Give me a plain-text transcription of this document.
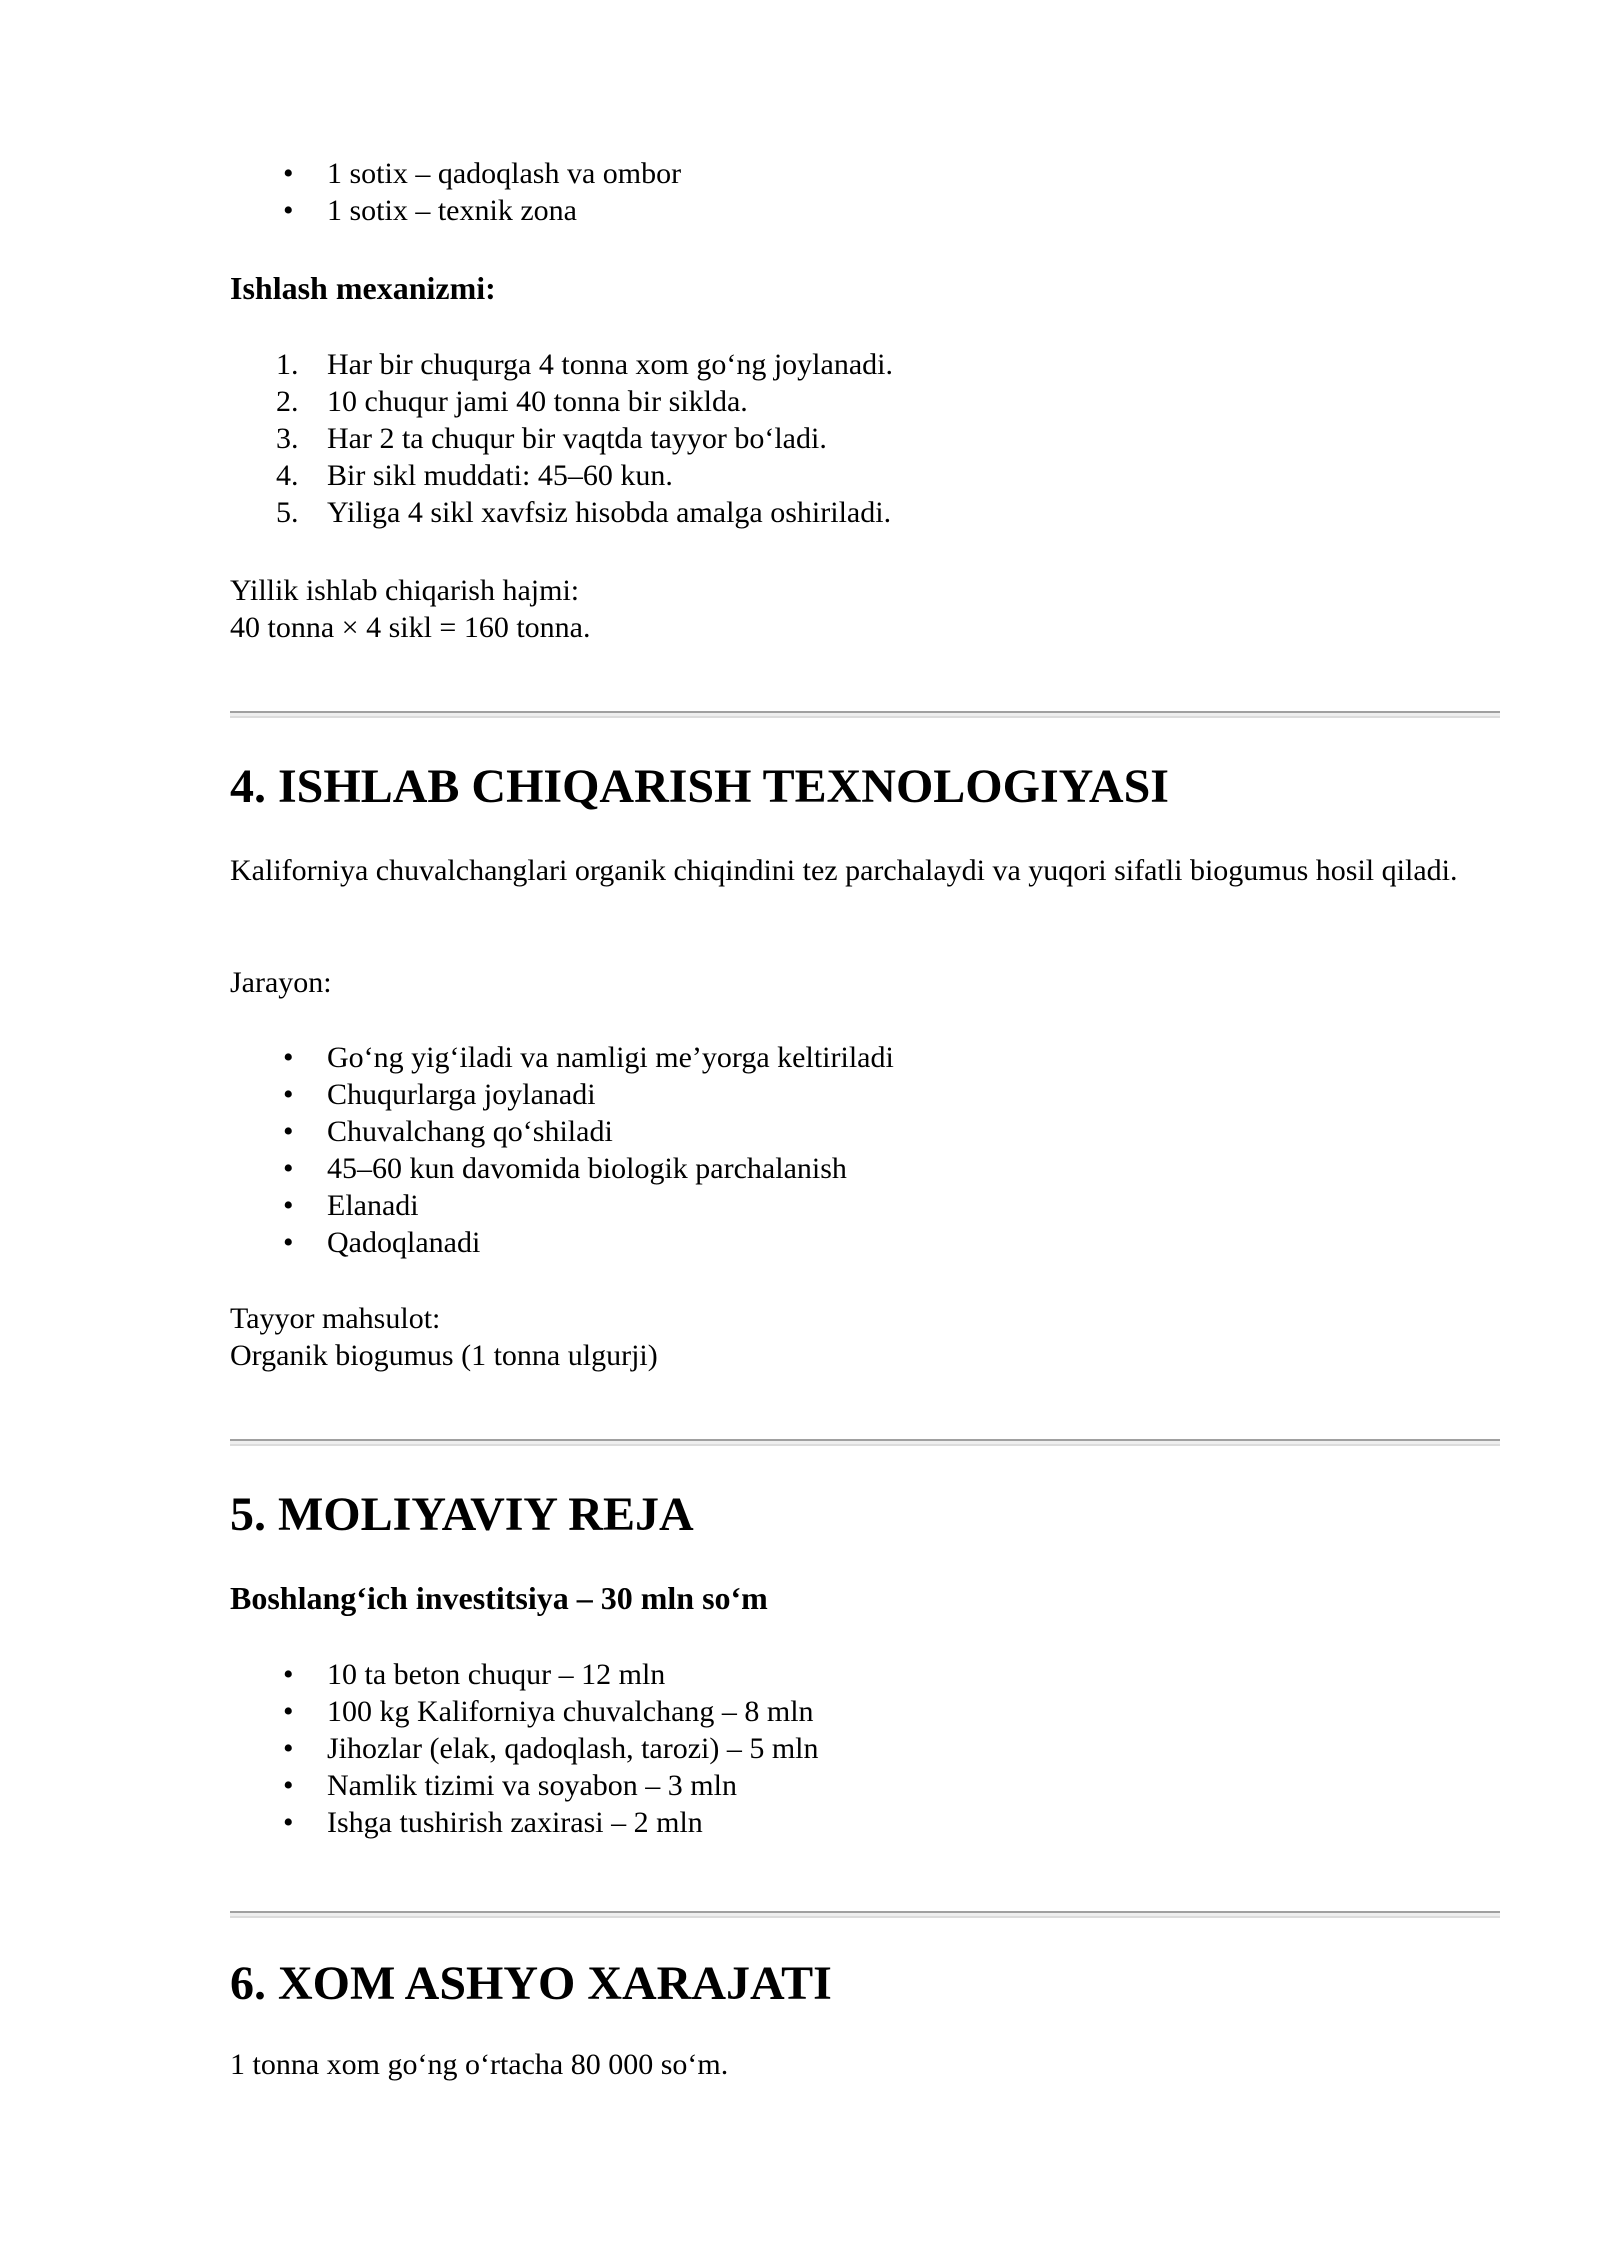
• 1 sotix – qadoqlash va ombor
• 1 sotix – texnik zona
Ishlash mexanizmi:
1. Har bir chuqurga 4 tonna xom go‘ng joylanadi.
2. 10 chuqur jami 40 tonna bir siklda.
3. Har 2 ta chuqur bir vaqtda tayyor bo‘ladi.
4. Bir sikl muddati: 45–60 kun.
5. Yiliga 4 sikl xavfsiz hisobda amalga oshiriladi.

Yillik ishlab chiqarish hajmi:

40 tonna × 4 sikl = 160 tonna.

4. ISHLAB CHIQARISH TEXNOLOGIYASI

Kaliforniya chuvalchanglari organik chiqindini tez parchalaydi va yuqori sifatli biogumus hosil qiladi.

Jarayon:

• Go‘ng yig‘iladi va namligi me’yorga keltiriladi
• Chuqurlarga joylanadi
• Chuvalchang qo‘shiladi
• 45–60 kun davomida biologik parchalanish
• Elanadi
• Qadoqlanadi

Tayyor mahsulot:

Organik biogumus (1 tonna ulgurji)

5. MOLIYAVIY REJA
Boshlang‘ich investitsiya – 30 mln so‘m
• 10 ta beton chuqur – 12 mln
• 100 kg Kaliforniya chuvalchang – 8 mln
• Jihozlar (elak, qadoqlash, tarozi) – 5 mln
• Namlik tizimi va soyabon – 3 mln
• Ishga tushirish zaxirasi – 2 mln
6. XOM ASHYO XARAJATI

1 tonna xom go‘ng o‘rtacha 80 000 so‘m.
